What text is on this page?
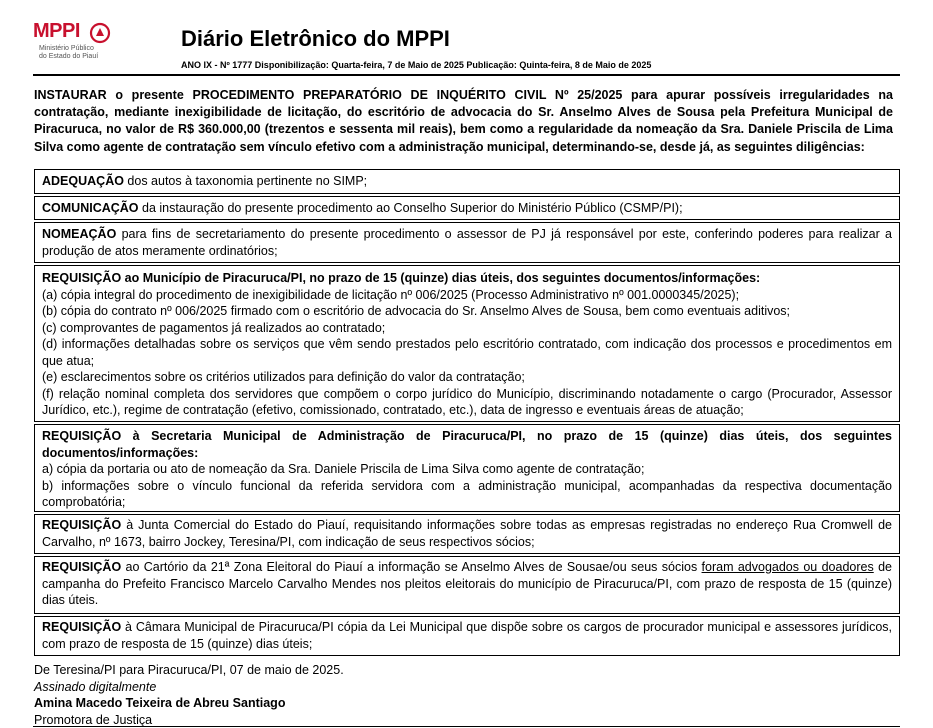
MPPI
Ministério Público
do Estado do Piauí
Diário Eletrônico do MPPI
ANO IX - Nº 1777 Disponibilização: Quarta-feira, 7 de Maio de 2025 Publicação: Quinta-feira, 8 de Maio de 2025
INSTAURAR o presente PROCEDIMENTO PREPARATÓRIO DE INQUÉRITO CIVIL Nº 25/2025 para apurar possíveis irregularidades na contratação, mediante inexigibilidade de licitação, do escritório de advocacia do Sr. Anselmo Alves de Sousa pela Prefeitura Municipal de Piracuruca, no valor de R$ 360.000,00 (trezentos e sessenta mil reais), bem como a regularidade da nomeação da Sra. Daniele Priscila de Lima Silva como agente de contratação sem vínculo efetivo com a administração municipal, determinando-se, desde já, as seguintes diligências:
ADEQUAÇÃO dos autos à taxonomia pertinente no SIMP;
COMUNICAÇÃO da instauração do presente procedimento ao Conselho Superior do Ministério Público (CSMP/PI);
NOMEAÇÃO para fins de secretariamento do presente procedimento o assessor de PJ já responsável por este, conferindo poderes para realizar a produção de atos meramente ordinatórios;
REQUISIÇÃO ao Município de Piracuruca/PI, no prazo de 15 (quinze) dias úteis, dos seguintes documentos/informações:
(a) cópia integral do procedimento de inexigibilidade de licitação nº 006/2025 (Processo Administrativo nº 001.0000345/2025);
(b) cópia do contrato nº 006/2025 firmado com o escritório de advocacia do Sr. Anselmo Alves de Sousa, bem como eventuais aditivos;
(c) comprovantes de pagamentos já realizados ao contratado;
(d) informações detalhadas sobre os serviços que vêm sendo prestados pelo escritório contratado, com indicação dos processos e procedimentos em que atua;
(e) esclarecimentos sobre os critérios utilizados para definição do valor da contratação;
(f) relação nominal completa dos servidores que compõem o corpo jurídico do Município, discriminando notadamente o cargo (Procurador, Assessor Jurídico, etc.), regime de contratação (efetivo, comissionado, contratado, etc.), data de ingresso e eventuais áreas de atuação;
REQUISIÇÃO à Secretaria Municipal de Administração de Piracuruca/PI, no prazo de 15 (quinze) dias úteis, dos seguintes documentos/informações:
a) cópia da portaria ou ato de nomeação da Sra. Daniele Priscila de Lima Silva como agente de contratação;
b) informações sobre o vínculo funcional da referida servidora com a administração municipal, acompanhadas da respectiva documentação comprobatória;
REQUISIÇÃO à Junta Comercial do Estado do Piauí, requisitando informações sobre todas as empresas registradas no endereço Rua Cromwell de Carvalho, nº 1673, bairro Jockey, Teresina/PI, com indicação de seus respectivos sócios;
REQUISIÇÃO ao Cartório da 21ª Zona Eleitoral do Piauí a informação se Anselmo Alves de Sousae/ou seus sócios foram advogados ou doadores de campanha do Prefeito Francisco Marcelo Carvalho Mendes nos pleitos eleitorais do município de Piracuruca/PI, com prazo de resposta de 15 (quinze) dias úteis.
REQUISIÇÃO à Câmara Municipal de Piracuruca/PI cópia da Lei Municipal que dispõe sobre os cargos de procurador municipal e assessores jurídicos, com prazo de resposta de 15 (quinze) dias úteis;
De Teresina/PI para Piracuruca/PI, 07 de maio de 2025.
Assinado digitalmente
Amina Macedo Teixeira de Abreu Santiago
Promotora de Justiça
